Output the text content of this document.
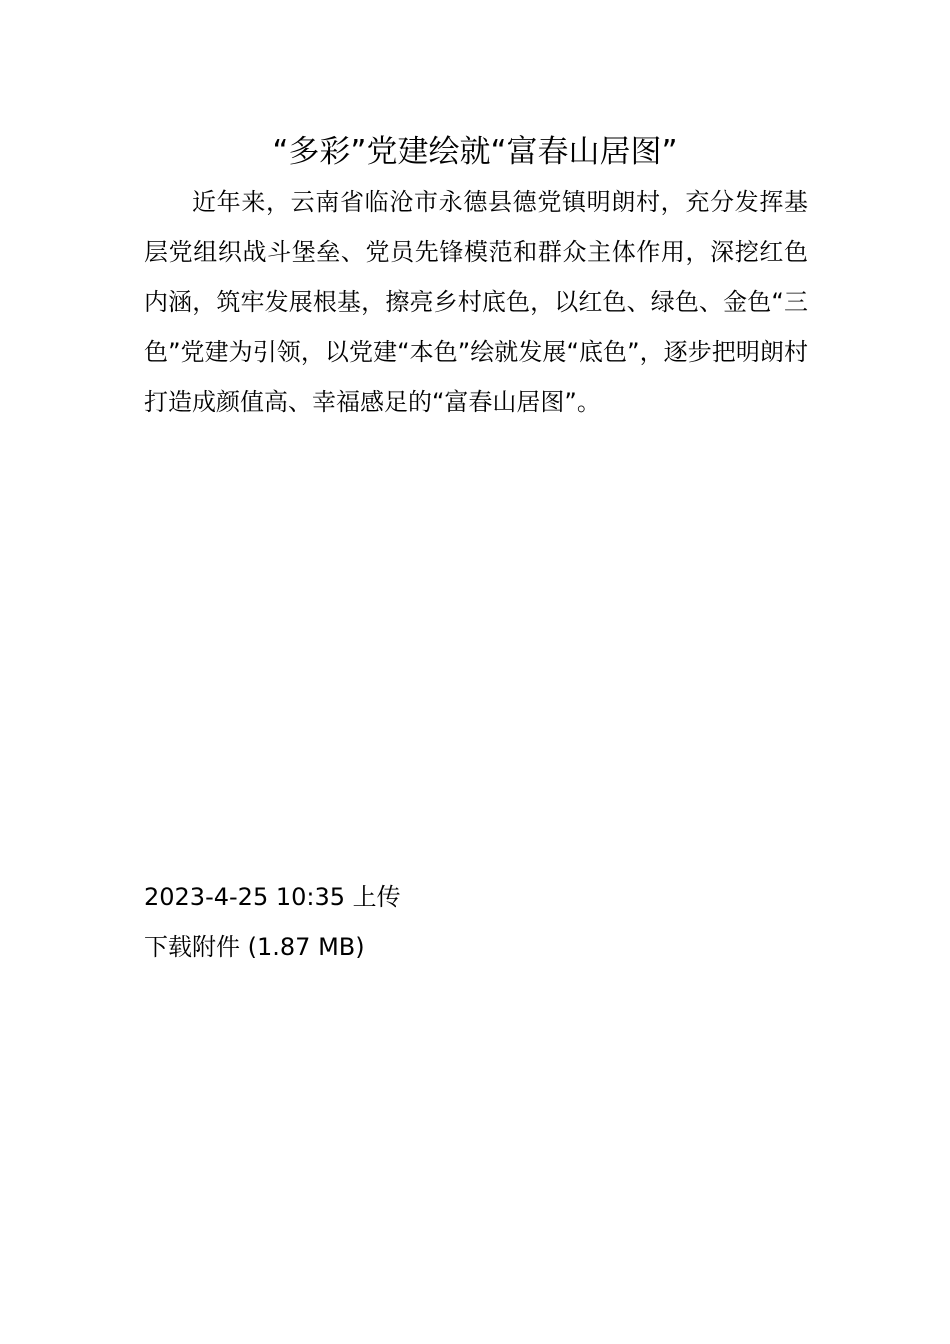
“多彩”党建绘就“富春山居图”

近年来，云南省临沧市永德县德党镇明朗村，充分发挥基层党组织战斗堡垒、党员先锋模范和群众主体作用，深挖红色内涵，筑牢发展根基，擦亮乡村底色，以红色、绿色、金色“三色”党建为引领，以党建“本色”绘就发展“底色”，逐步把明朗村打造成颜值高、幸福感足的“富春山居图”。

2023-4-25 10:35 上传
下载附件 (1.87 MB)
